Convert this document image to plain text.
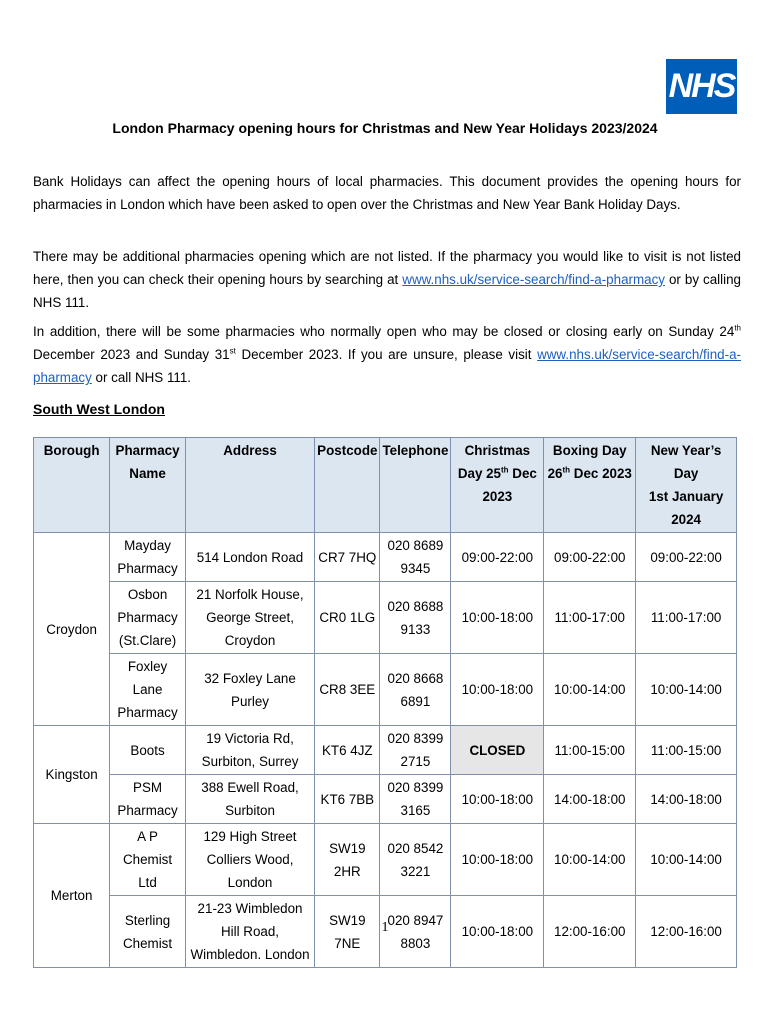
NHS
London Pharmacy opening hours for Christmas and New Year Holidays 2023/2024
Bank Holidays can affect the opening hours of local pharmacies. This document provides the opening hours for pharmacies in London which have been asked to open over the Christmas and New Year Bank Holiday Days.
There may be additional pharmacies opening which are not listed. If the pharmacy you would like to visit is not listed here, then you can check their opening hours by searching at www.nhs.uk/service-search/find-a-pharmacy or by calling NHS 111.
In addition, there will be some pharmacies who normally open who may be closed or closing early on Sunday 24th December 2023 and Sunday 31st December 2023. If you are unsure, please visit www.nhs.uk/service-search/find-a-pharmacy or call NHS 111.
South West London
Borough	Pharmacy Name	Address	Postcode	Telephone	Christmas Day 25th Dec 2023	Boxing Day 26th Dec 2023	New Year’s Day
1st January 2024
Croydon	Mayday Pharmacy	514 London Road	CR7 7HQ	020 8689 9345	09:00-22:00	09:00-22:00	09:00-22:00
	Osbon Pharmacy (St.Clare)	21 Norfolk House, George Street, Croydon	CR0 1LG	020 8688 9133	10:00-18:00	11:00-17:00	11:00-17:00
	Foxley Lane Pharmacy	32 Foxley Lane Purley	CR8 3EE	020 8668 6891	10:00-18:00	10:00-14:00	10:00-14:00
Kingston	Boots	19 Victoria Rd, Surbiton, Surrey	KT6 4JZ	020 8399 2715	CLOSED	11:00-15:00	11:00-15:00
	PSM Pharmacy	388 Ewell Road, Surbiton	KT6 7BB	020 8399 3165	10:00-18:00	14:00-18:00	14:00-18:00
Merton	A P Chemist Ltd	129 High Street Colliers Wood, London	SW19 2HR	020 8542 3221	10:00-18:00	10:00-14:00	10:00-14:00
	Sterling Chemist	21-23 Wimbledon Hill Road, Wimbledon. London	SW19 7NE	020 8947 8803	10:00-18:00	12:00-16:00	12:00-16:00
1
